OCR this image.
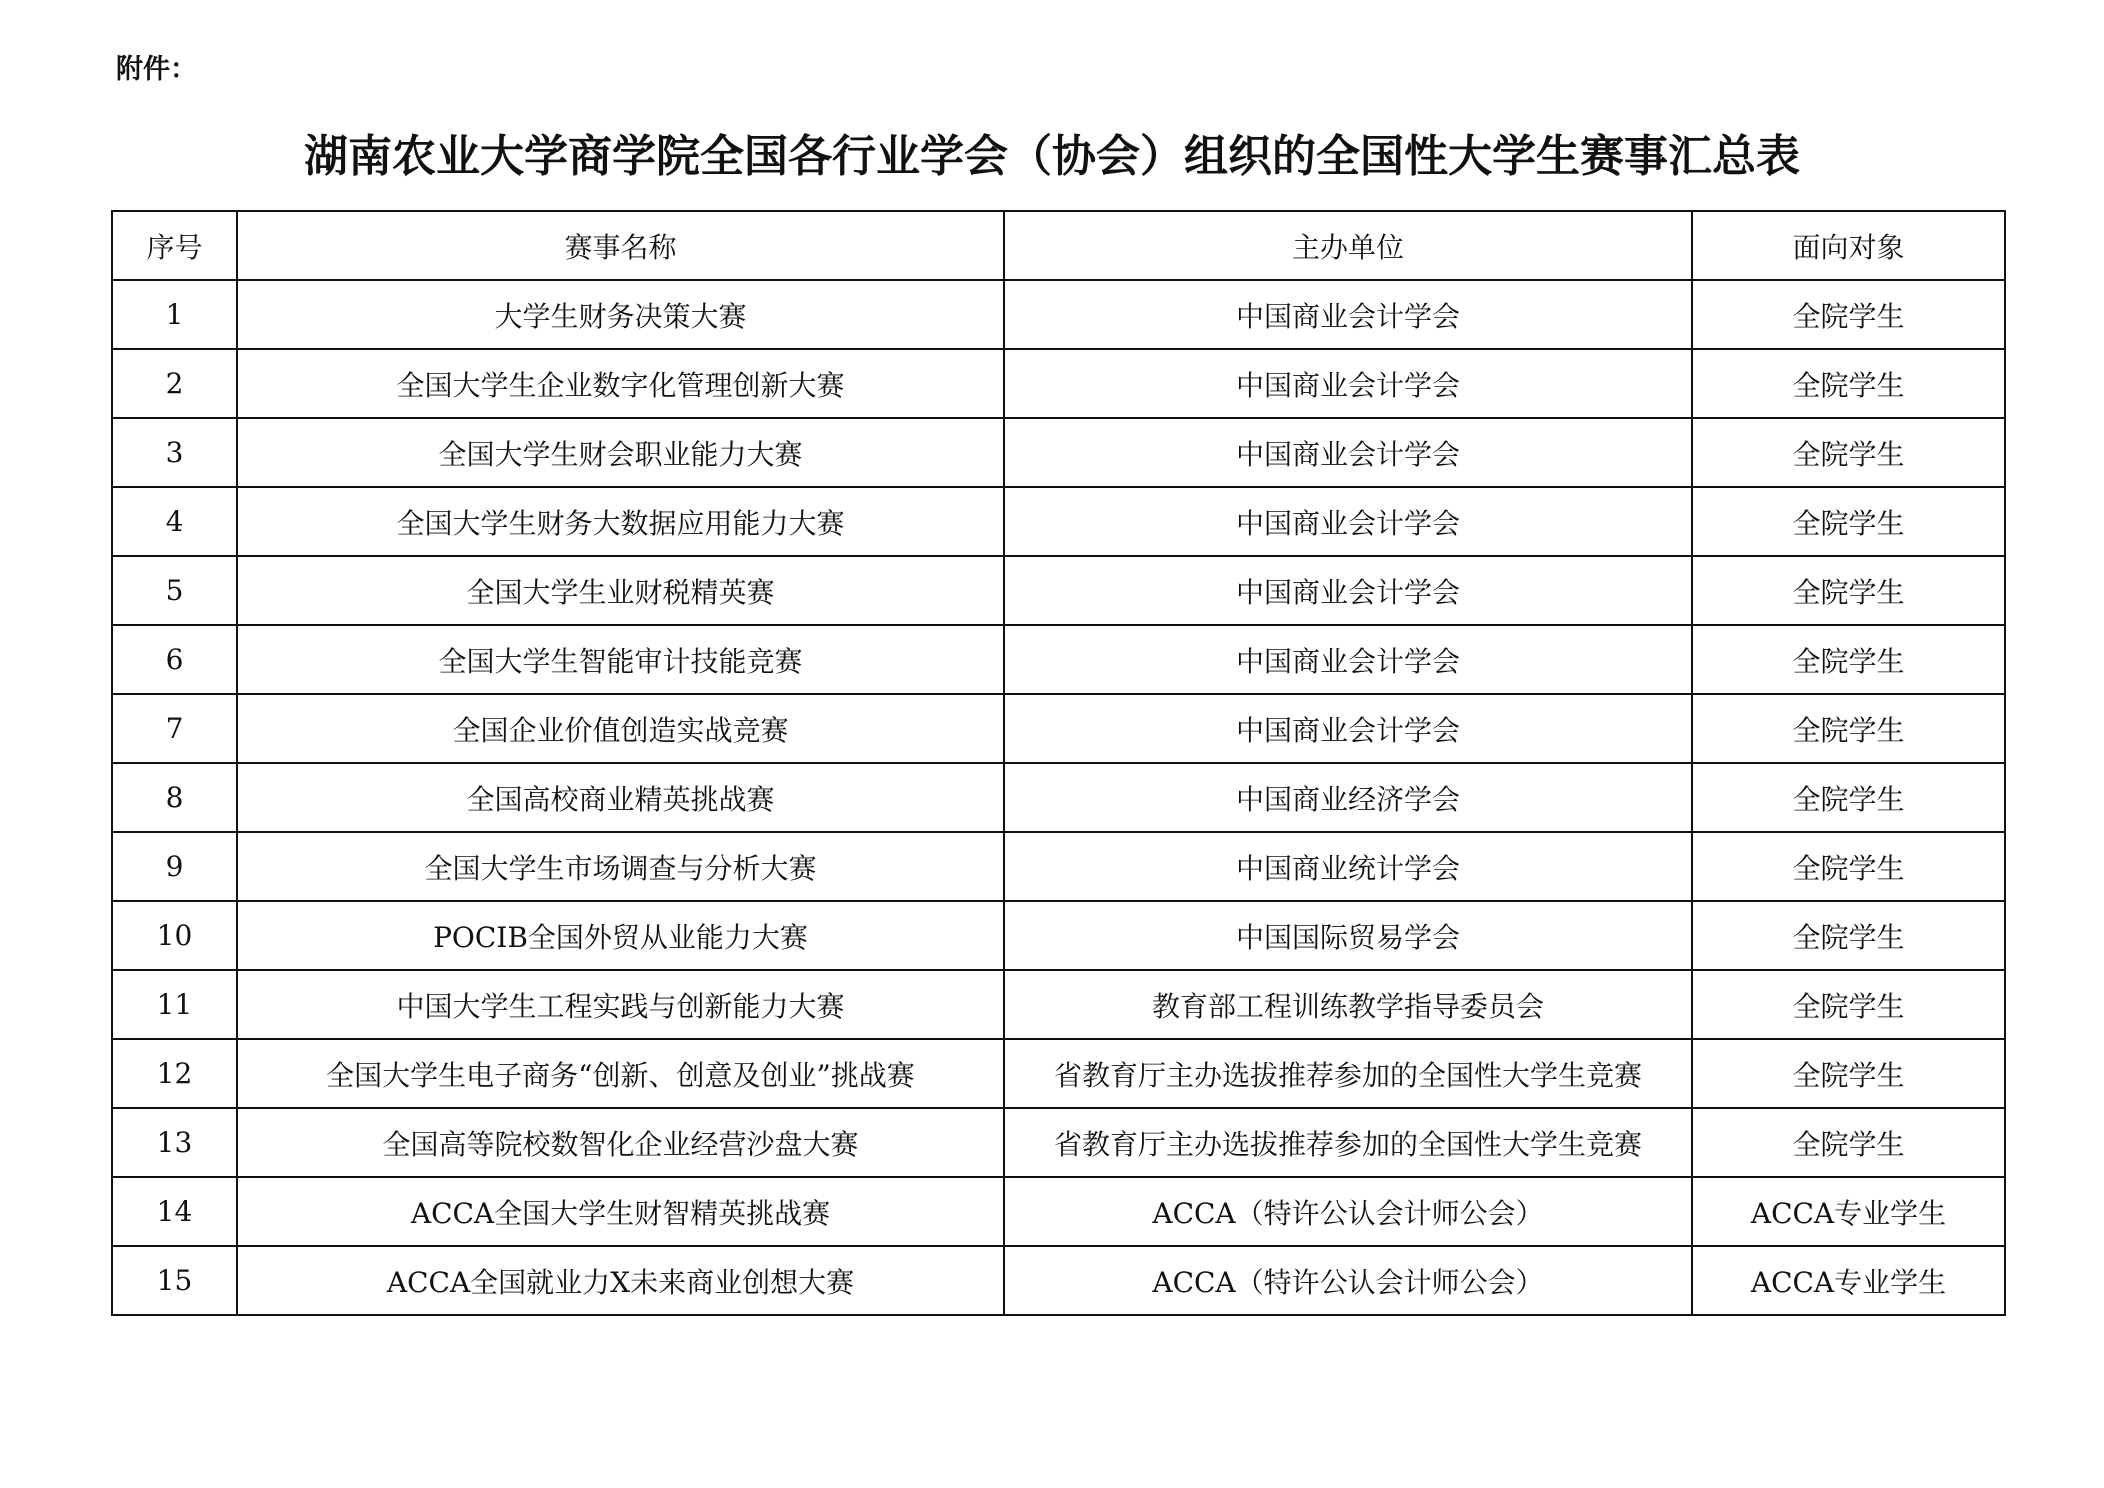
附件：
湖南农业大学商学院全国各行业学会（协会）组织的全国性大学生赛事汇总表
序号	赛事名称	主办单位	面向对象
1	大学生财务决策大赛	中国商业会计学会	全院学生
2	全国大学生企业数字化管理创新大赛	中国商业会计学会	全院学生
3	全国大学生财会职业能力大赛	中国商业会计学会	全院学生
4	全国大学生财务大数据应用能力大赛	中国商业会计学会	全院学生
5	全国大学生业财税精英赛	中国商业会计学会	全院学生
6	全国大学生智能审计技能竞赛	中国商业会计学会	全院学生
7	全国企业价值创造实战竞赛	中国商业会计学会	全院学生
8	全国高校商业精英挑战赛	中国商业经济学会	全院学生
9	全国大学生市场调查与分析大赛	中国商业统计学会	全院学生
10	POCIB全国外贸从业能力大赛	中国国际贸易学会	全院学生
11	中国大学生工程实践与创新能力大赛	教育部工程训练教学指导委员会	全院学生
12	全国大学生电子商务“创新、创意及创业”挑战赛	省教育厅主办选拔推荐参加的全国性大学生竞赛	全院学生
13	全国高等院校数智化企业经营沙盘大赛	省教育厅主办选拔推荐参加的全国性大学生竞赛	全院学生
14	ACCA全国大学生财智精英挑战赛	ACCA（特许公认会计师公会）	ACCA专业学生
15	ACCA全国就业力X未来商业创想大赛	ACCA（特许公认会计师公会）	ACCA专业学生
